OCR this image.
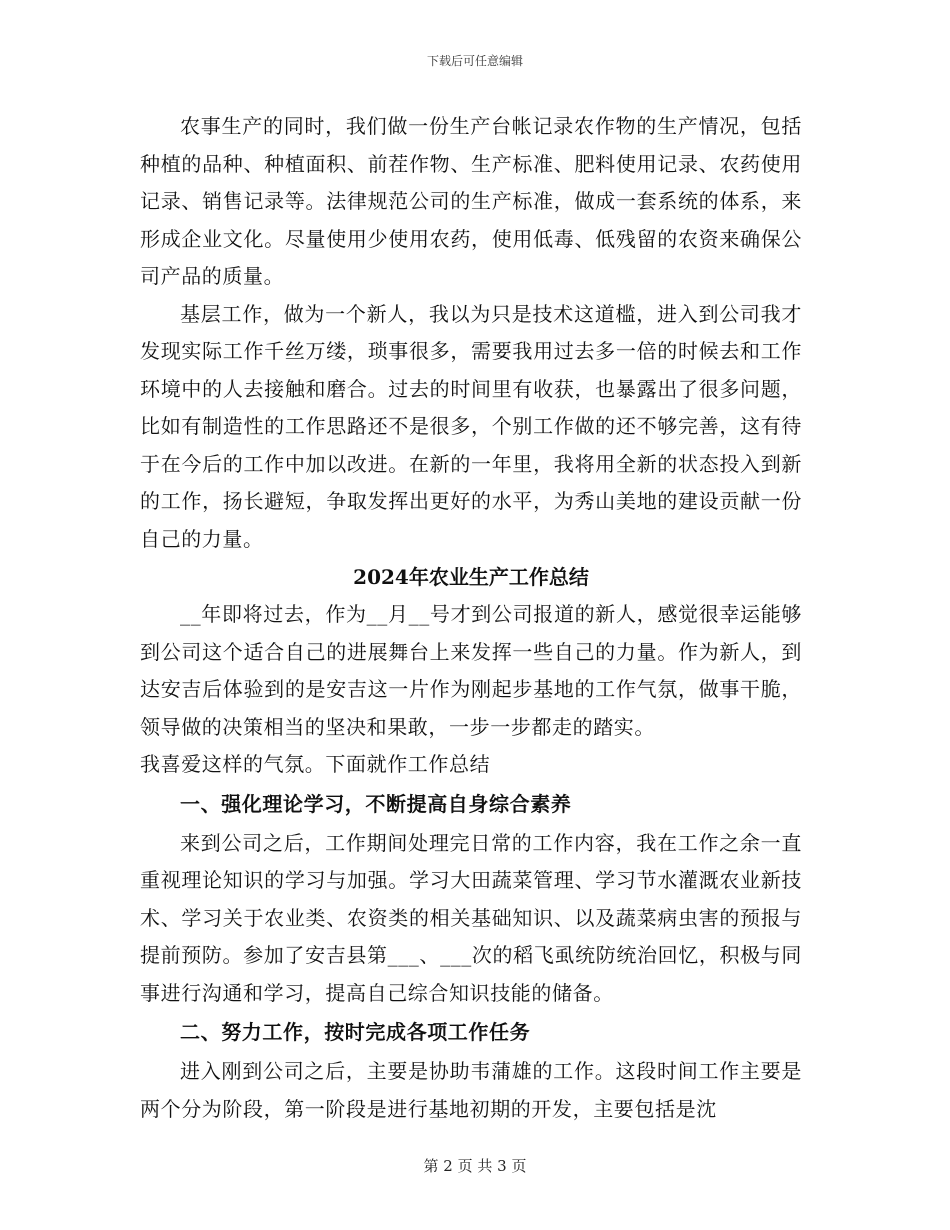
下载后可任意编辑

农事生产的同时，我们做一份生产台帐记录农作物的生产情况，包括种植的品种、种植面积、前茬作物、生产标准、肥料使用记录、农药使用记录、销售记录等。法律规范公司的生产标准，做成一套系统的体系，来形成企业文化。尽量使用少使用农药，使用低毒、低残留的农资来确保公司产品的质量。

基层工作，做为一个新人，我以为只是技术这道槛，进入到公司我才发现实际工作千丝万缕，琐事很多，需要我用过去多一倍的时候去和工作环境中的人去接触和磨合。过去的时间里有收获，也暴露出了很多问题，比如有制造性的工作思路还不是很多，个别工作做的还不够完善，这有待于在今后的工作中加以改进。在新的一年里，我将用全新的状态投入到新的工作，扬长避短，争取发挥出更好的水平，为秀山美地的建设贡献一份自己的力量。

2024年农业生产工作总结

__年即将过去，作为__月__号才到公司报道的新人，感觉很幸运能够到公司这个适合自己的进展舞台上来发挥一些自己的力量。作为新人，到达安吉后体验到的是安吉这一片作为刚起步基地的工作气氛，做事干脆，领导做的决策相当的坚决和果敢，一步一步都走的踏实。

我喜爱这样的气氛。下面就作工作总结

一、强化理论学习，不断提高自身综合素养

来到公司之后，工作期间处理完日常的工作内容，我在工作之余一直重视理论知识的学习与加强。学习大田蔬菜管理、学习节水灌溉农业新技术、学习关于农业类、农资类的相关基础知识、以及蔬菜病虫害的预报与提前预防。参加了安吉县第___、___次的稻飞虱统防统治回忆，积极与同事进行沟通和学习，提高自己综合知识技能的储备。

二、努力工作，按时完成各项工作任务

进入刚到公司之后，主要是协助韦蒲雄的工作。这段时间工作主要是两个分为阶段，第一阶段是进行基地初期的开发，主要包括是沈

第 2 页 共 3 页
